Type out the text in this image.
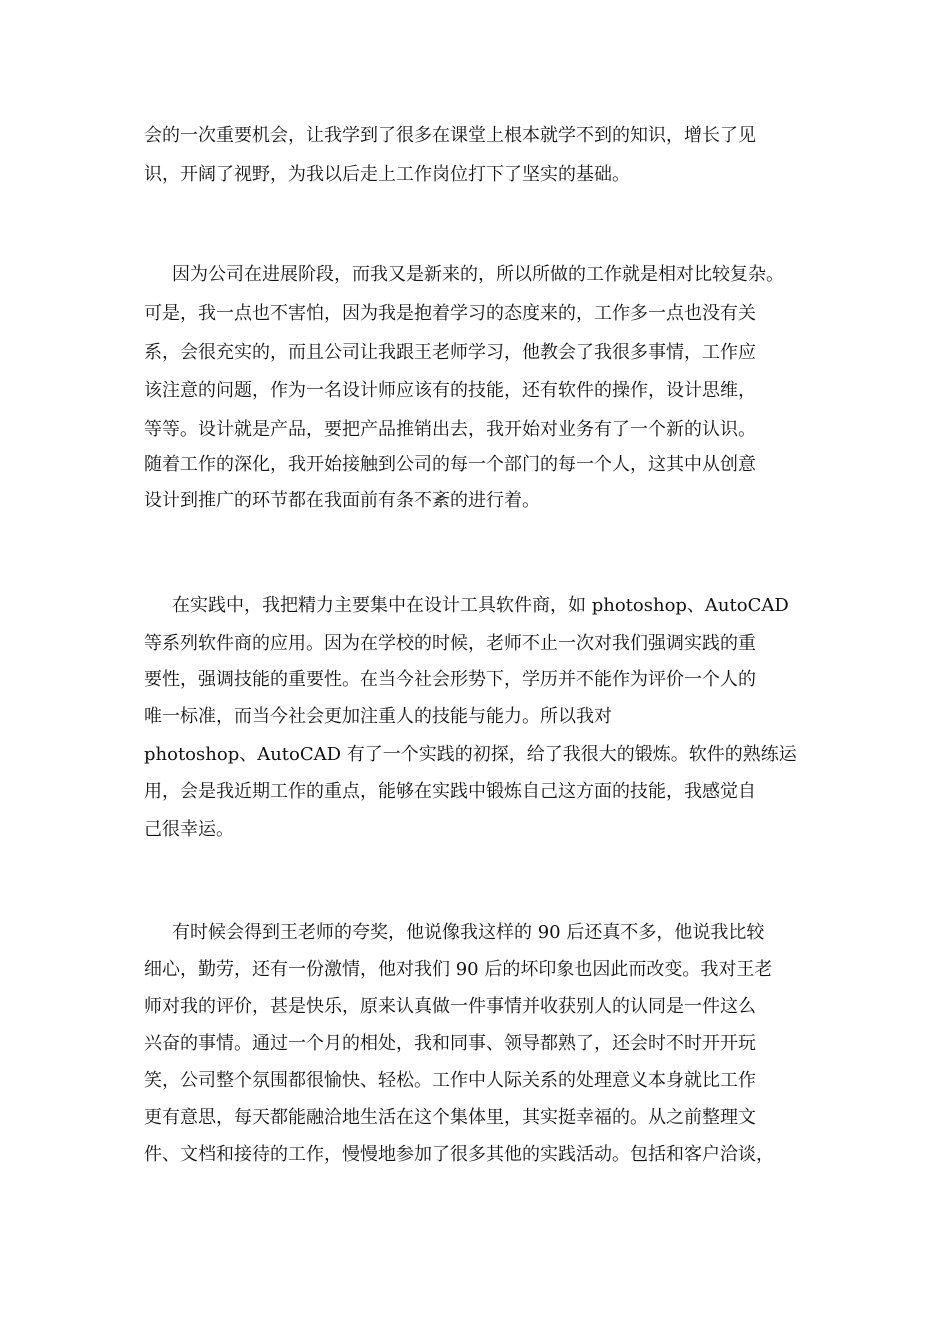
会的一次重要机会，让我学到了很多在课堂上根本就学不到的知识，增长了见

识，开阔了视野，为我以后走上工作岗位打下了坚实的基础。

因为公司在进展阶段，而我又是新来的，所以所做的工作就是相对比较复杂。

可是，我一点也不害怕，因为我是抱着学习的态度来的，工作多一点也没有关

系，会很充实的，而且公司让我跟王老师学习，他教会了我很多事情，工作应

该注意的问题，作为一名设计师应该有的技能，还有软件的操作，设计思维，

等等。设计就是产品，要把产品推销出去，我开始对业务有了一个新的认识。

随着工作的深化，我开始接触到公司的每一个部门的每一个人，这其中从创意

设计到推广的环节都在我面前有条不紊的进行着。

在实践中，我把精力主要集中在设计工具软件商，如 photoshop、AutoCAD

等系列软件商的应用。因为在学校的时候，老师不止一次对我们强调实践的重

要性，强调技能的重要性。在当今社会形势下，学历并不能作为评价一个人的

唯一标准，而当今社会更加注重人的技能与能力。所以我对

photoshop、AutoCAD 有了一个实践的初探，给了我很大的锻炼。软件的熟练运

用，会是我近期工作的重点，能够在实践中锻炼自己这方面的技能，我感觉自

己很幸运。

有时候会得到王老师的夸奖，他说像我这样的 90 后还真不多，他说我比较

细心，勤劳，还有一份激情，他对我们 90 后的坏印象也因此而改变。我对王老

师对我的评价，甚是快乐，原来认真做一件事情并收获别人的认同是一件这么

兴奋的事情。通过一个月的相处，我和同事、领导都熟了，还会时不时开开玩

笑，公司整个氛围都很愉快、轻松。工作中人际关系的处理意义本身就比工作

更有意思，每天都能融洽地生活在这个集体里，其实挺幸福的。从之前整理文

件、文档和接待的工作，慢慢地参加了很多其他的实践活动。包括和客户洽谈，
